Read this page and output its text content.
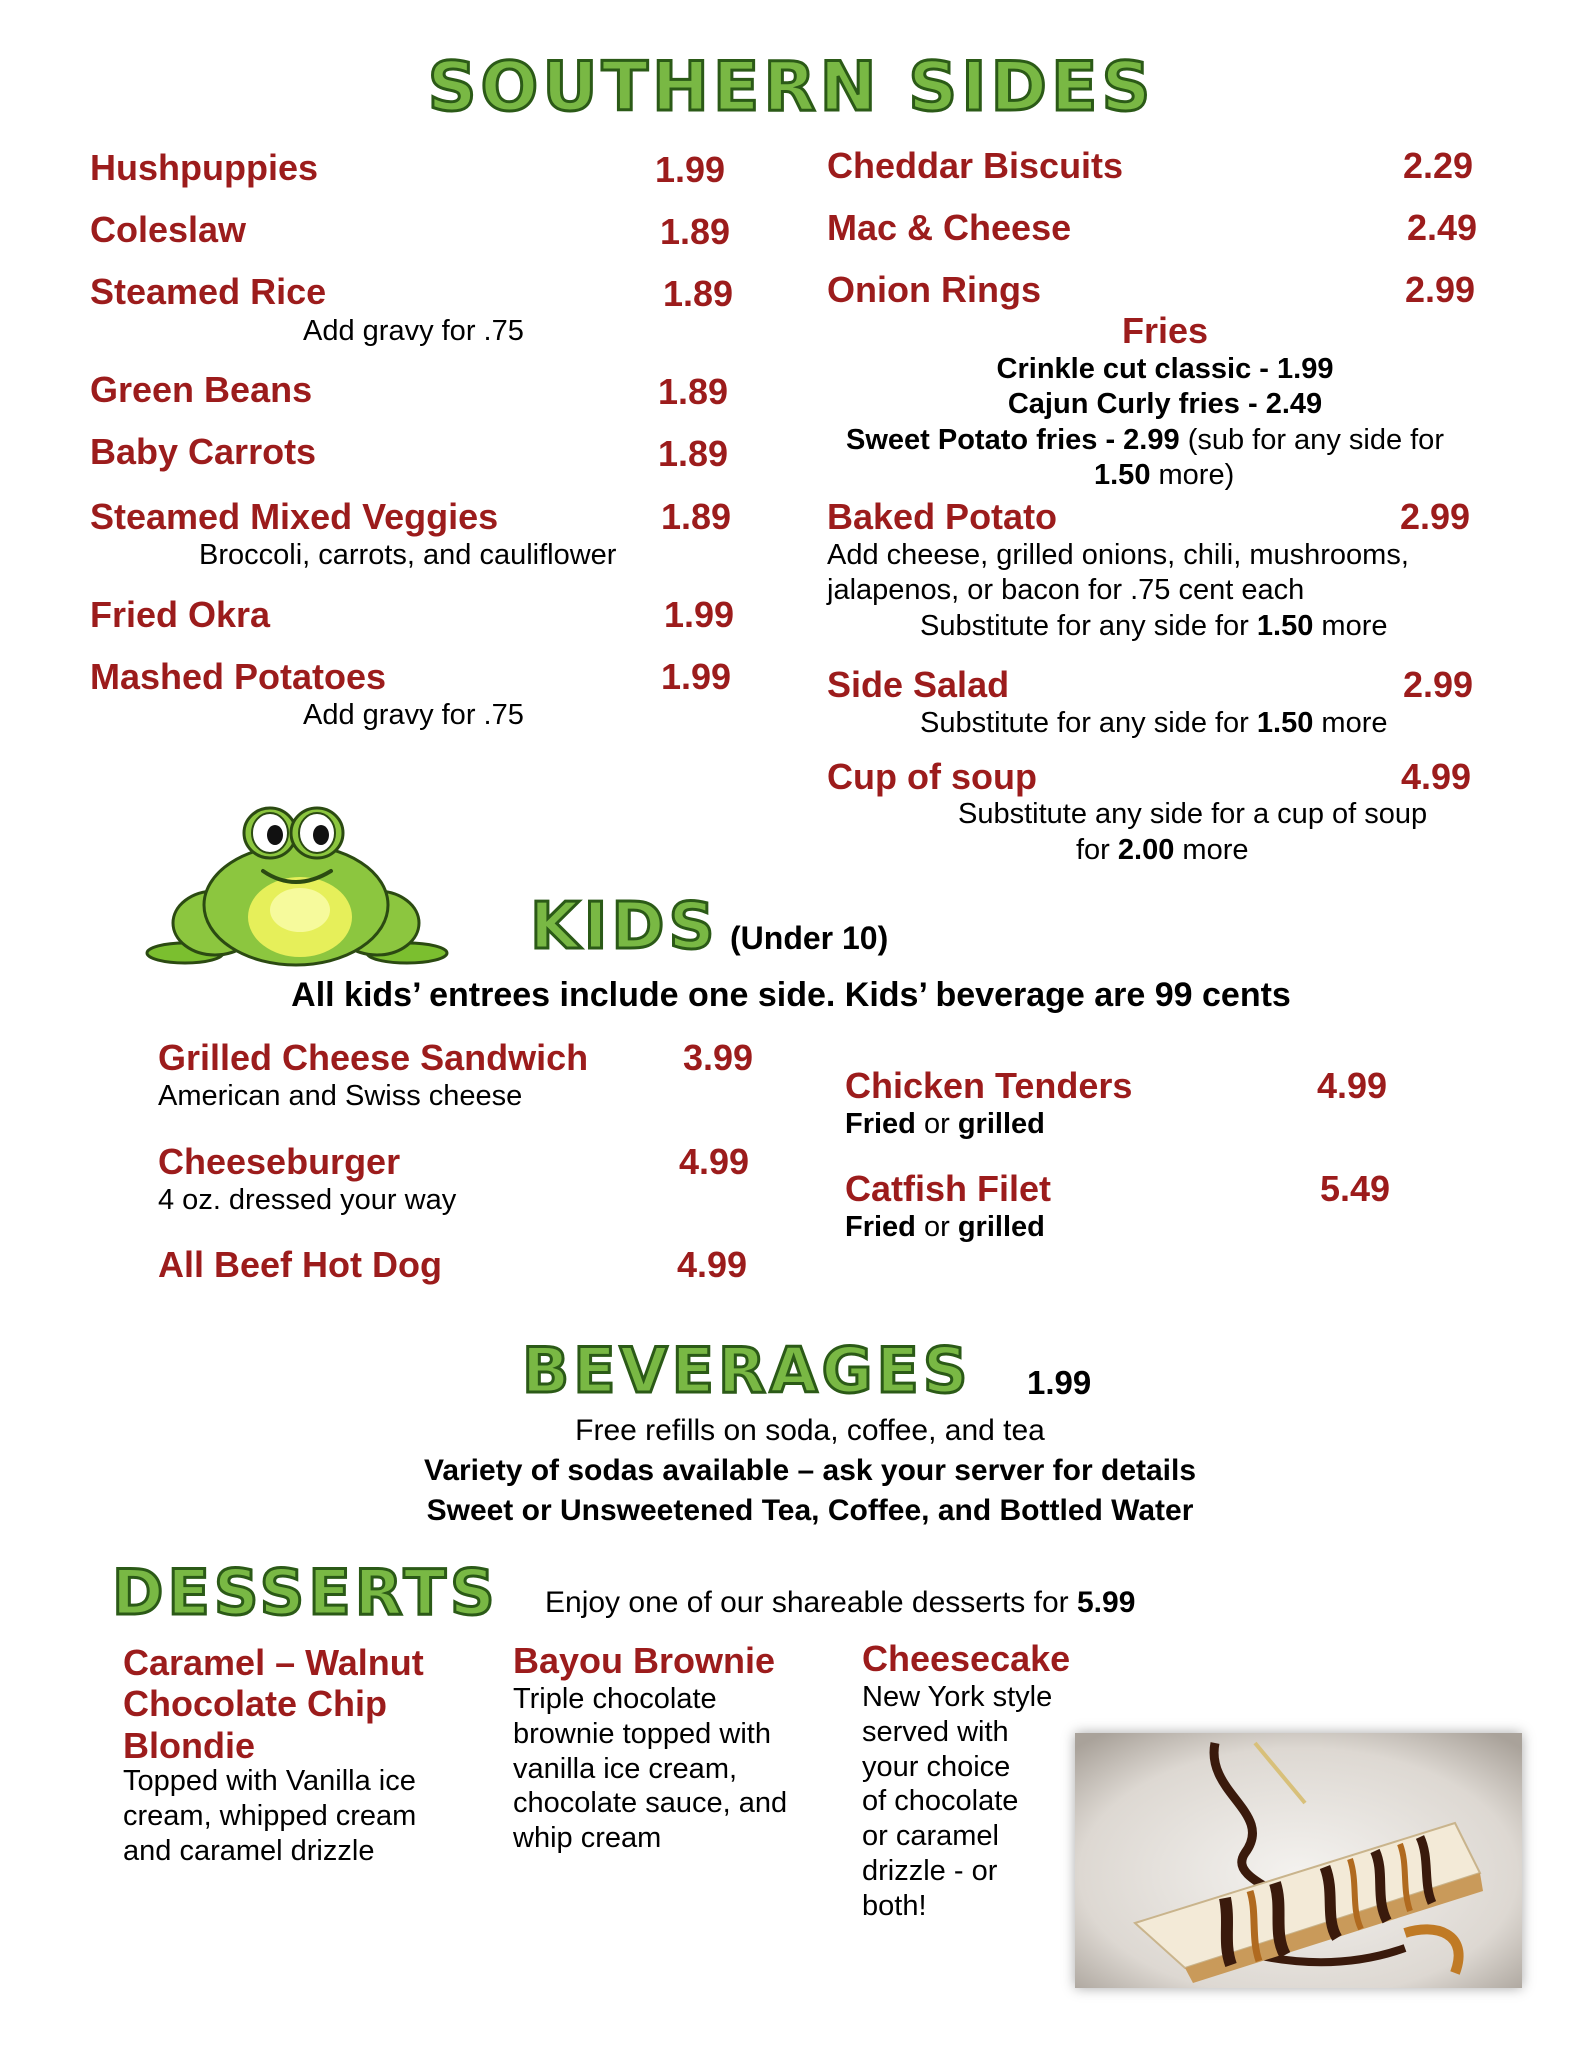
SOUTHERN SIDES
Hushpuppies	1.99
Coleslaw	1.89
Steamed Rice	1.89
Add gravy for .75
Green Beans	1.89
Baby Carrots	1.89
Steamed Mixed Veggies	1.89
Broccoli, carrots, and cauliflower
Fried Okra	1.99
Mashed Potatoes	1.99
Add gravy for .75
Cheddar Biscuits	2.29
Mac & Cheese	2.49
Onion Rings	2.99
Fries
Crinkle cut classic - 1.99
Cajun Curly fries - 2.49
Sweet Potato fries - 2.99 (sub for any side for
1.50 more)
Baked Potato	2.99
Add cheese, grilled onions, chili, mushrooms,
jalapenos, or bacon for .75 cent each
Substitute for any side for 1.50 more
Side Salad	2.99
Substitute for any side for 1.50 more
Cup of soup	4.99
Substitute any side for a cup of soup
for 2.00 more
KIDS (Under 10)
All kids’ entrees include one side. Kids’ beverage are 99 cents
Grilled Cheese Sandwich	3.99
American and Swiss cheese
Cheeseburger	4.99
4 oz. dressed your way
All Beef Hot Dog	4.99
Chicken Tenders	4.99
Fried or grilled
Catfish Filet	5.49
Fried or grilled
BEVERAGES 1.99
Free refills on soda, coffee, and tea
Variety of sodas available – ask your server for details
Sweet or Unsweetened Tea, Coffee, and Bottled Water
DESSERTS Enjoy one of our shareable desserts for 5.99
Caramel – Walnut
Chocolate Chip
Blondie
Topped with Vanilla ice
cream, whipped cream
and caramel drizzle
Bayou Brownie
Triple chocolate
brownie topped with
vanilla ice cream,
chocolate sauce, and
whip cream
Cheesecake
New York style
served with
your choice
of chocolate
or caramel
drizzle - or
both!
